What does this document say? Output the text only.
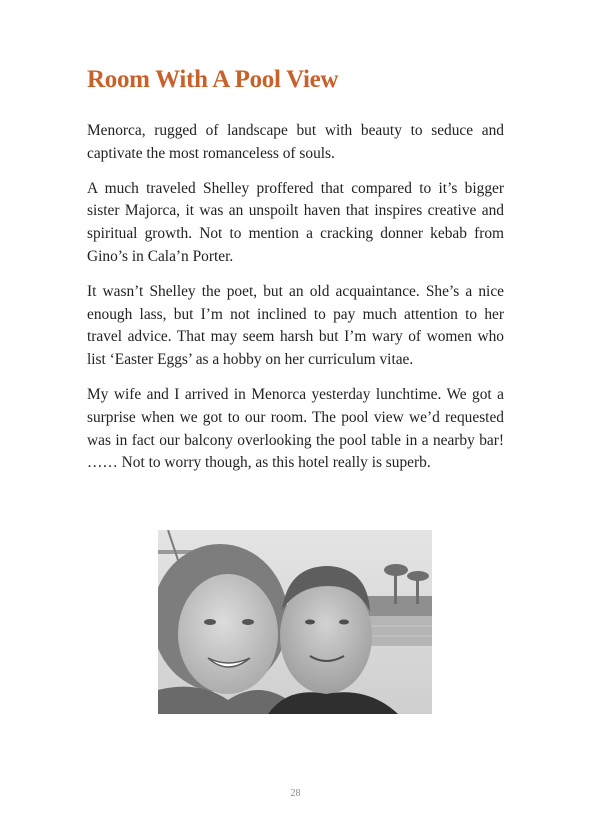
Room With A Pool View

Menorca, rugged of landscape but with beauty to seduce and captivate the most romanceless of souls.

A much traveled Shelley proffered that compared to it’s bigger sister Majorca, it was an unspoilt haven that inspires creative and spiritual growth. Not to mention a cracking donner kebab from Gino’s in Cala’n Porter.

It wasn’t Shelley the poet, but an old acquaintance. She’s a nice enough lass, but I’m not inclined to pay much attention to her travel advice. That may seem harsh but I’m wary of women who list ‘Easter Eggs’ as a hobby on her curriculum vitae.

My wife and I arrived in Menorca yesterday lunchtime. We got a surprise when we got to our room. The pool view we’d requested was in fact our balcony overlooking the pool table in a nearby bar! …… Not to worry though, as this hotel really is superb.

28
